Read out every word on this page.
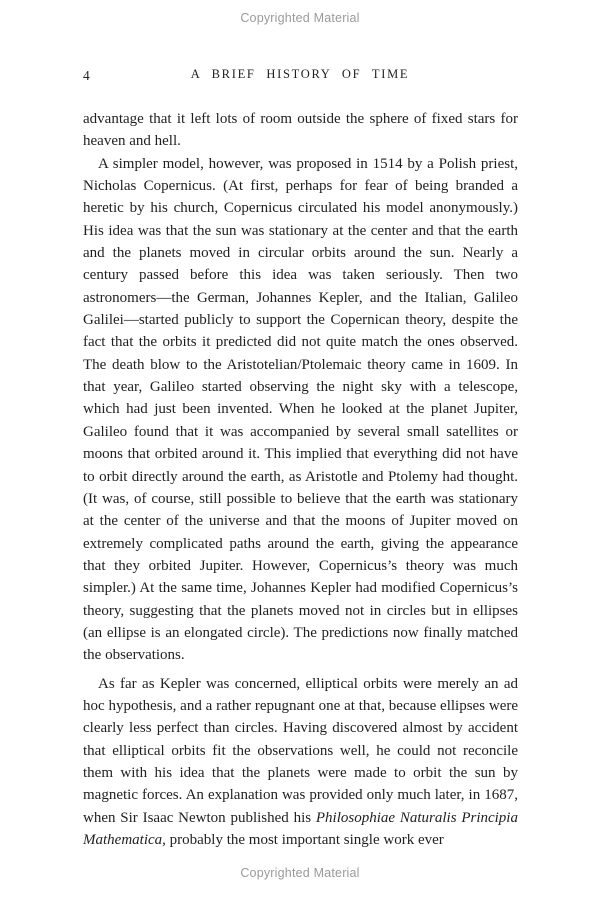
Copyrighted Material
4	A BRIEF HISTORY OF TIME

advantage that it left lots of room outside the sphere of fixed stars for heaven and hell.

A simpler model, however, was proposed in 1514 by a Polish priest, Nicholas Copernicus. (At first, perhaps for fear of being branded a heretic by his church, Copernicus circulated his model anonymously.) His idea was that the sun was stationary at the center and that the earth and the planets moved in circular orbits around the sun. Nearly a century passed before this idea was taken seriously. Then two astronomers—the German, Johannes Kepler, and the Italian, Galileo Galilei—started publicly to support the Copernican theory, despite the fact that the orbits it predicted did not quite match the ones observed. The death blow to the Aristotelian/Ptolemaic theory came in 1609. In that year, Galileo started observing the night sky with a telescope, which had just been invented. When he looked at the planet Jupiter, Galileo found that it was accompanied by several small satellites or moons that orbited around it. This implied that everything did not have to orbit directly around the earth, as Aristotle and Ptolemy had thought. (It was, of course, still possible to believe that the earth was stationary at the center of the universe and that the moons of Jupiter moved on extremely complicated paths around the earth, giving the appearance that they orbited Jupiter. However, Copernicus’s theory was much simpler.) At the same time, Johannes Kepler had modified Copernicus’s theory, suggesting that the planets moved not in circles but in ellipses (an ellipse is an elongated circle). The predictions now finally matched the observations.

As far as Kepler was concerned, elliptical orbits were merely an ad hoc hypothesis, and a rather repugnant one at that, because ellipses were clearly less perfect than circles. Having discovered almost by accident that elliptical orbits fit the observations well, he could not reconcile them with his idea that the planets were made to orbit the sun by magnetic forces. An explanation was provided only much later, in 1687, when Sir Isaac Newton published his Philosophiae Naturalis Principia Mathematica, probably the most important single work ever

Copyrighted Material
